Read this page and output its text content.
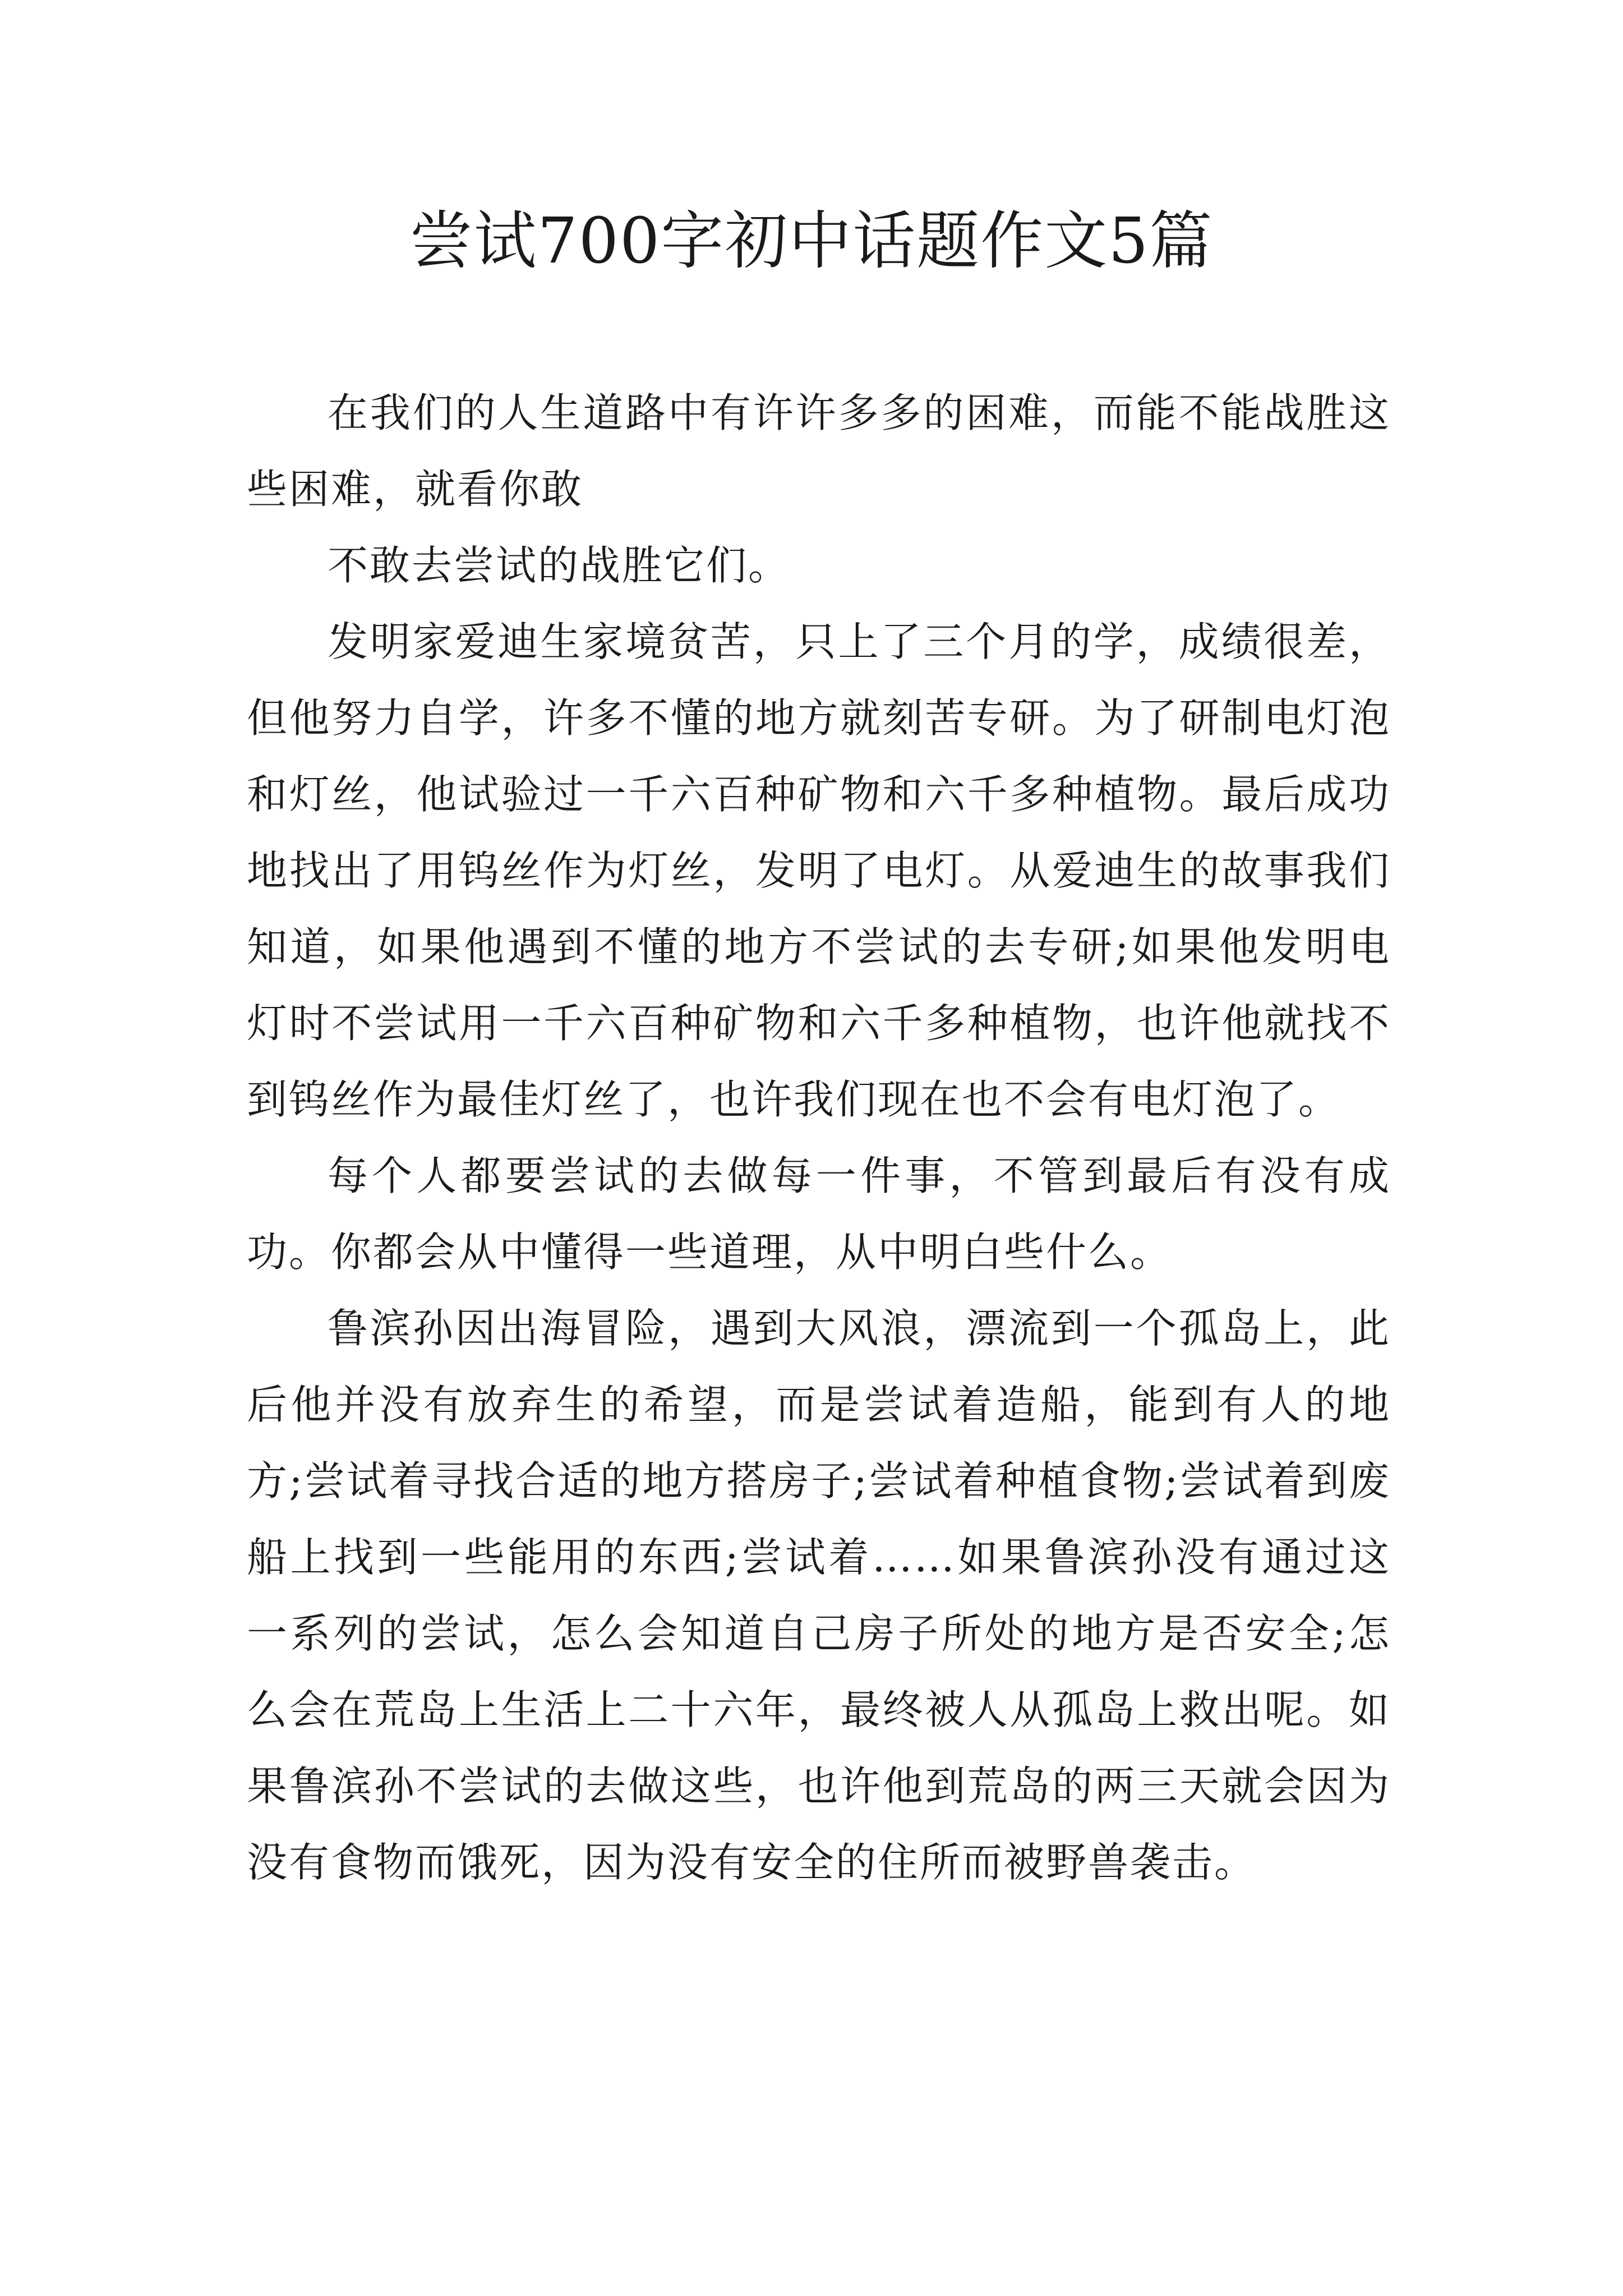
尝试700字初中话题作文5篇

在我们的人生道路中有许许多多的困难，而能不能战胜这些困难，就看你敢

不敢去尝试的战胜它们。

发明家爱迪生家境贫苦，只上了三个月的学，成绩很差，但他努力自学，许多不懂的地方就刻苦专研。为了研制电灯泡和灯丝，他试验过一千六百种矿物和六千多种植物。最后成功地找出了用钨丝作为灯丝，发明了电灯。从爱迪生的故事我们知道，如果他遇到不懂的地方不尝试的去专研;如果他发明电灯时不尝试用一千六百种矿物和六千多种植物，也许他就找不到钨丝作为最佳灯丝了，也许我们现在也不会有电灯泡了。

每个人都要尝试的去做每一件事，不管到最后有没有成功。你都会从中懂得一些道理，从中明白些什么。

鲁滨孙因出海冒险，遇到大风浪，漂流到一个孤岛上，此后他并没有放弃生的希望，而是尝试着造船，能到有人的地方;尝试着寻找合适的地方搭房子;尝试着种植食物;尝试着到废船上找到一些能用的东西;尝试着……如果鲁滨孙没有通过这一系列的尝试，怎么会知道自己房子所处的地方是否安全;怎么会在荒岛上生活上二十六年，最终被人从孤岛上救出呢。如果鲁滨孙不尝试的去做这些，也许他到荒岛的两三天就会因为没有食物而饿死，因为没有安全的住所而被野兽袭击。
